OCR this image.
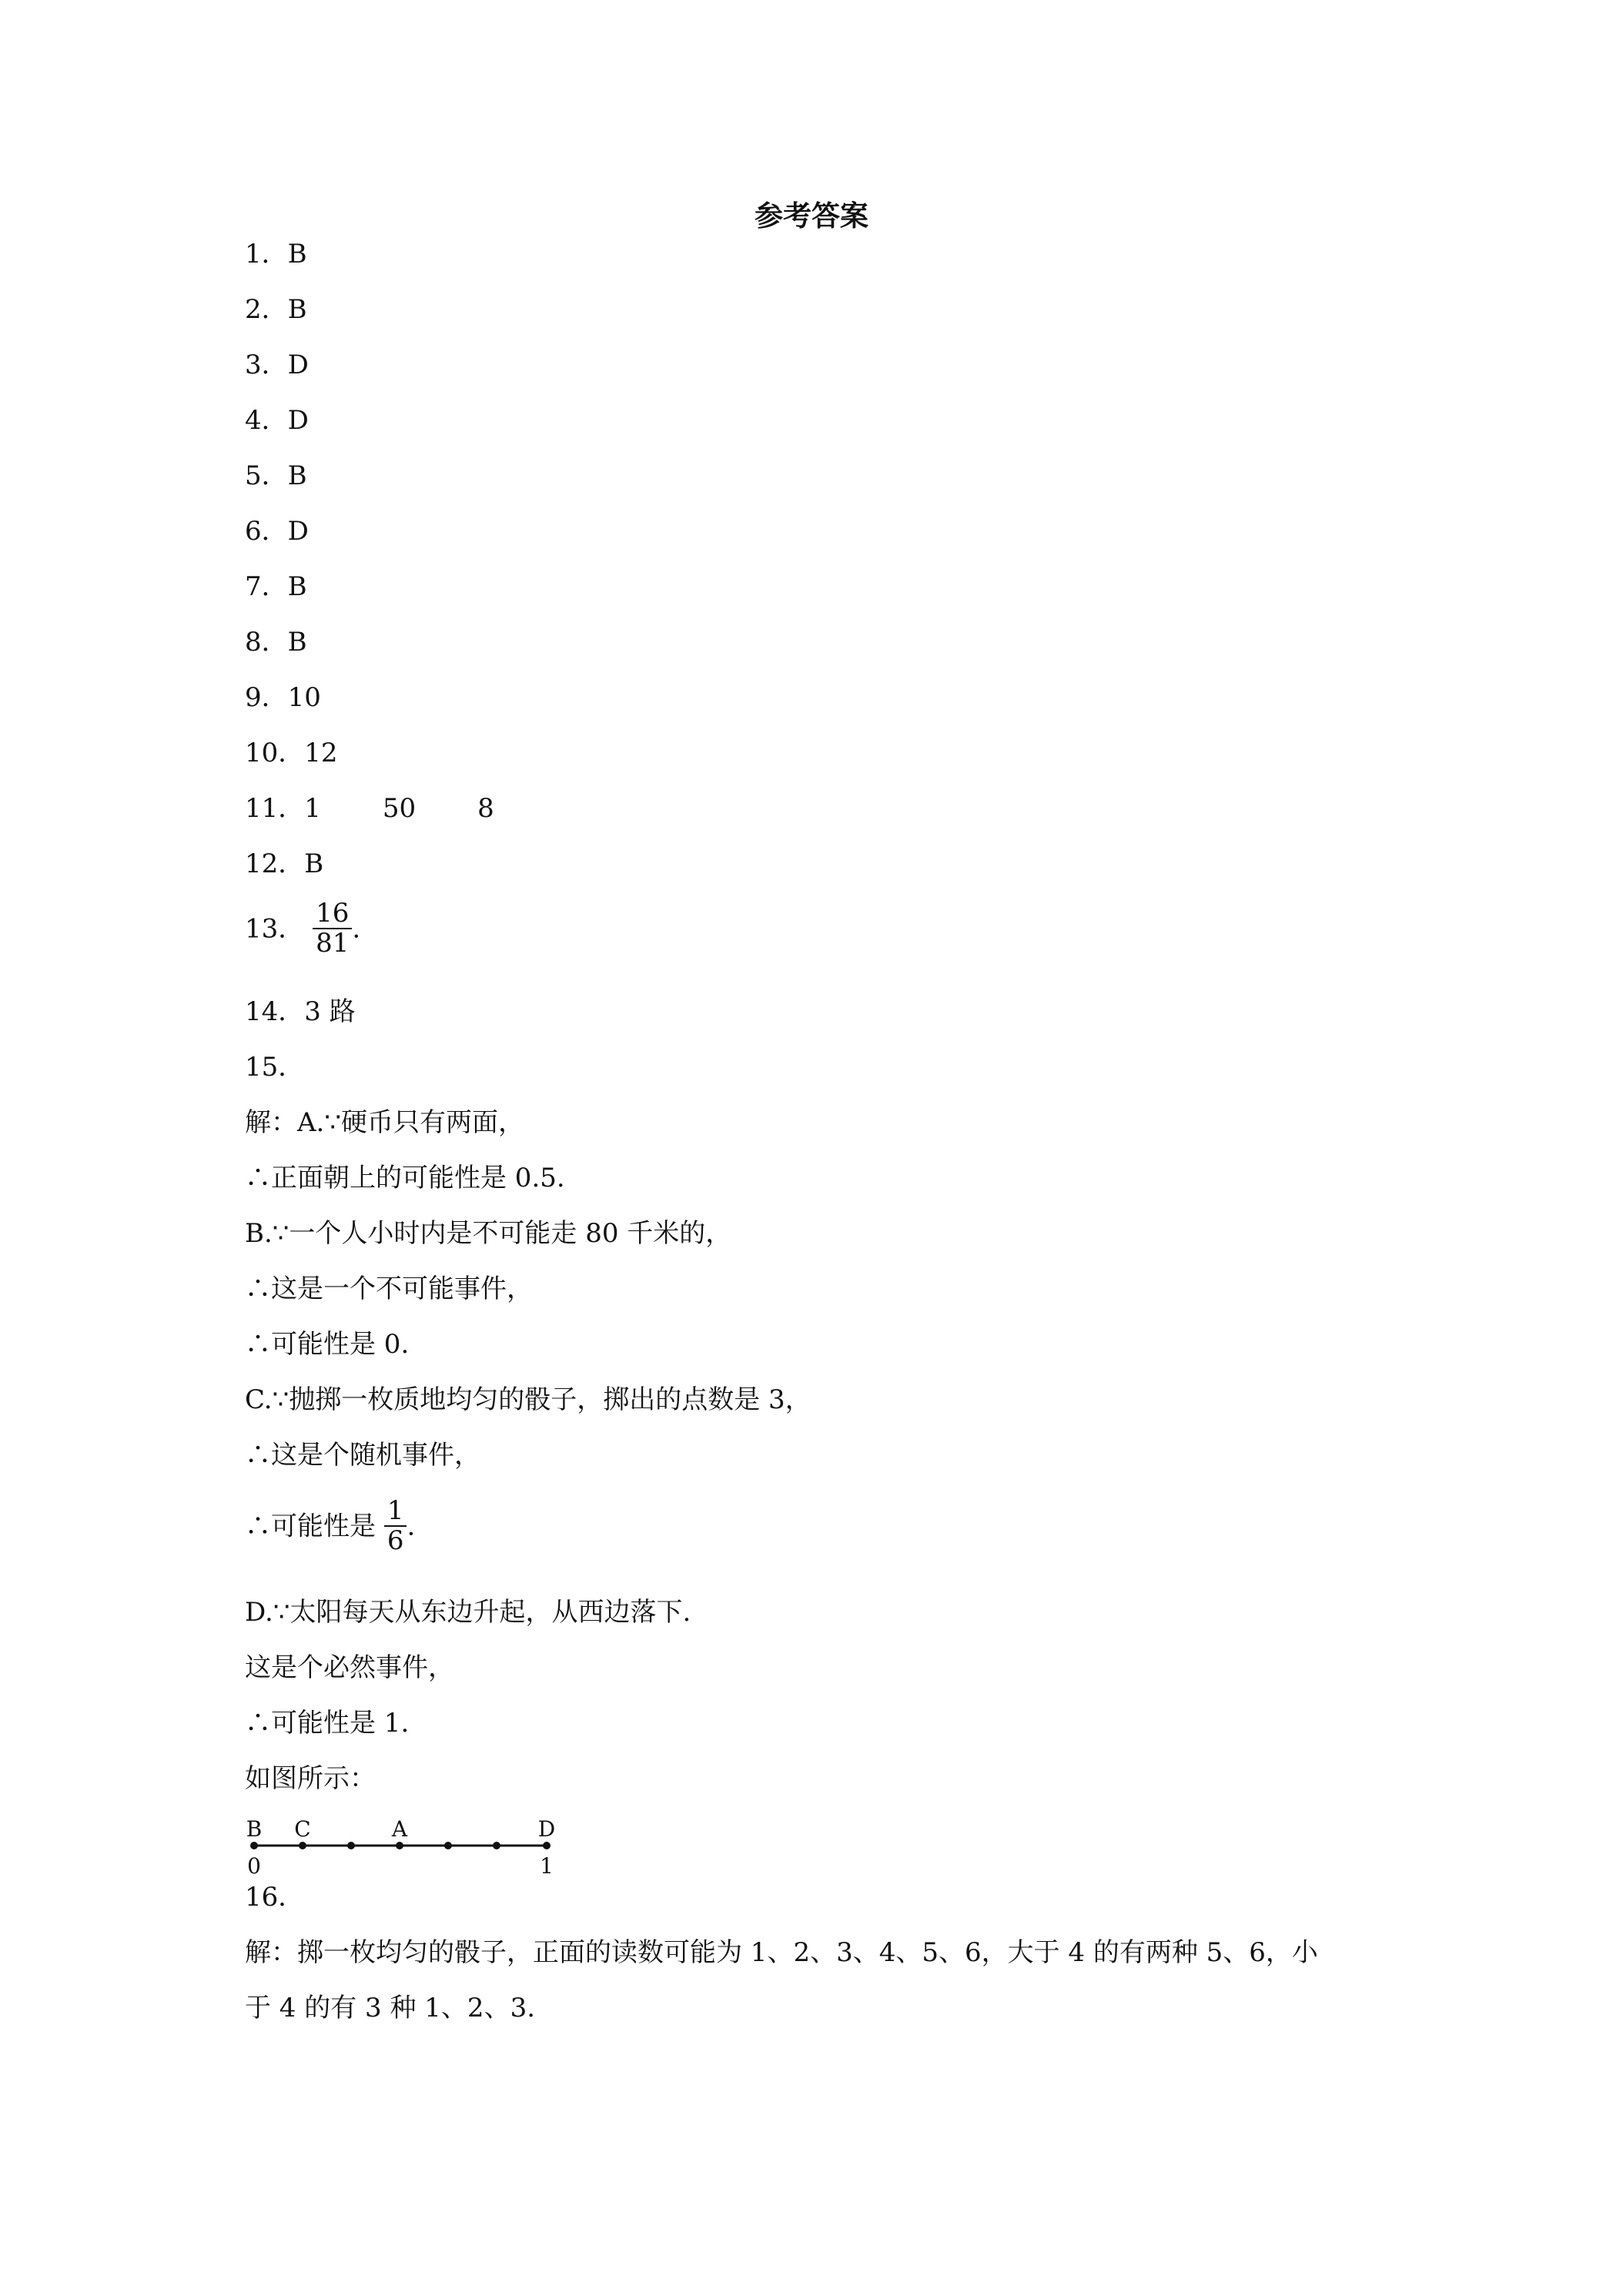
参考答案
1．B
2．B
3．D
4．D
5．B
6．D
7．B
8．B
9．10
10．12
11．1 50 8
12．B
13． $\frac{16}{81}$ .
14．3 路
15．
解：A.∵硬币只有两面，
∴正面朝上的可能性是 0.5.
B.∵一个人小时内是不可能走 80 千米的，
∴这是一个不可能事件，
∴可能性是 0.
C.∵抛掷一枚质地均匀的骰子，掷出的点数是 3，
∴这是个随机事件，
∴可能性是 $\frac{1}{6}$ .
D.∵太阳每天从东边升起，从西边落下.
这是个必然事件，
∴可能性是 1.
如图所示：
B C	A	D
0	1
16．
解：掷一枚均匀的骰子，正面的读数可能为 1、2、3、4、5、6，大于 4 的有两种 5、6，小
于 4 的有 3 种 1、2、3.
